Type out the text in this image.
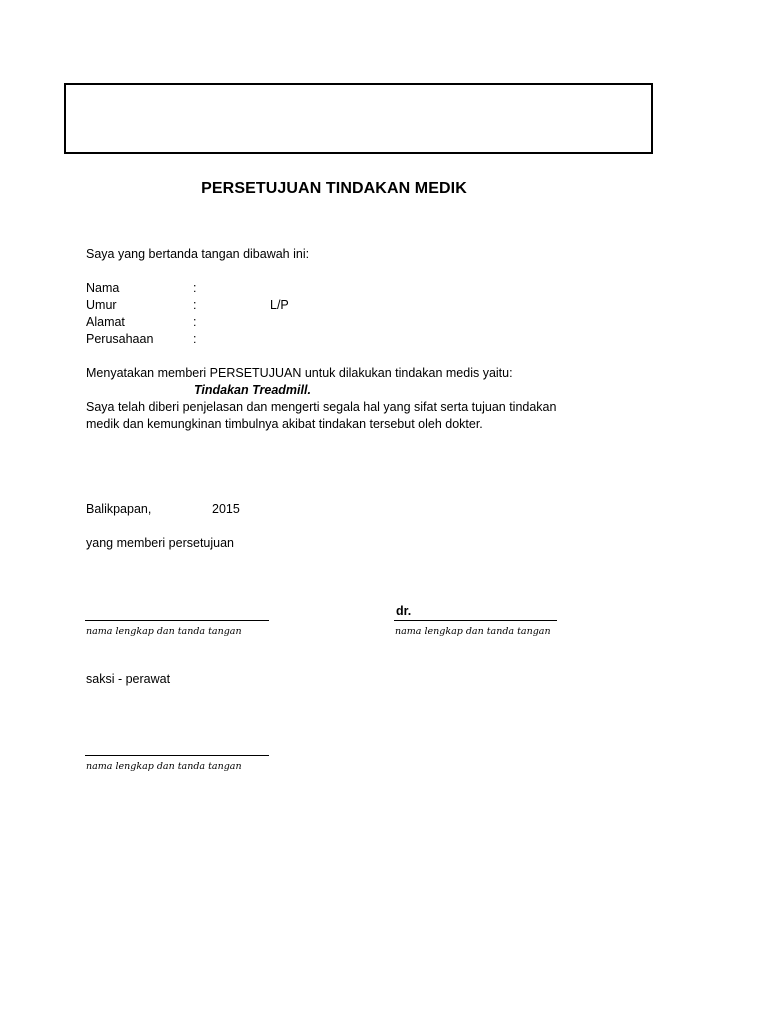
PERSETUJUAN TINDAKAN MEDIK
Saya yang bertanda tangan dibawah ini:
Nama	:
Umur	:	L/P
Alamat	:
Perusahaan	:
Menyatakan memberi PERSETUJUAN untuk dilakukan tindakan medis yaitu:
Tindakan Treadmill.
Saya telah diberi penjelasan dan mengerti segala hal yang sifat serta tujuan tindakan
medik dan kemungkinan timbulnya akibat tindakan tersebut oleh dokter.
Balikpapan,	2015
yang memberi persetujuan
nama lengkap dan tanda tangan
dr.
nama lengkap dan tanda tangan
saksi - perawat
nama lengkap dan tanda tangan
